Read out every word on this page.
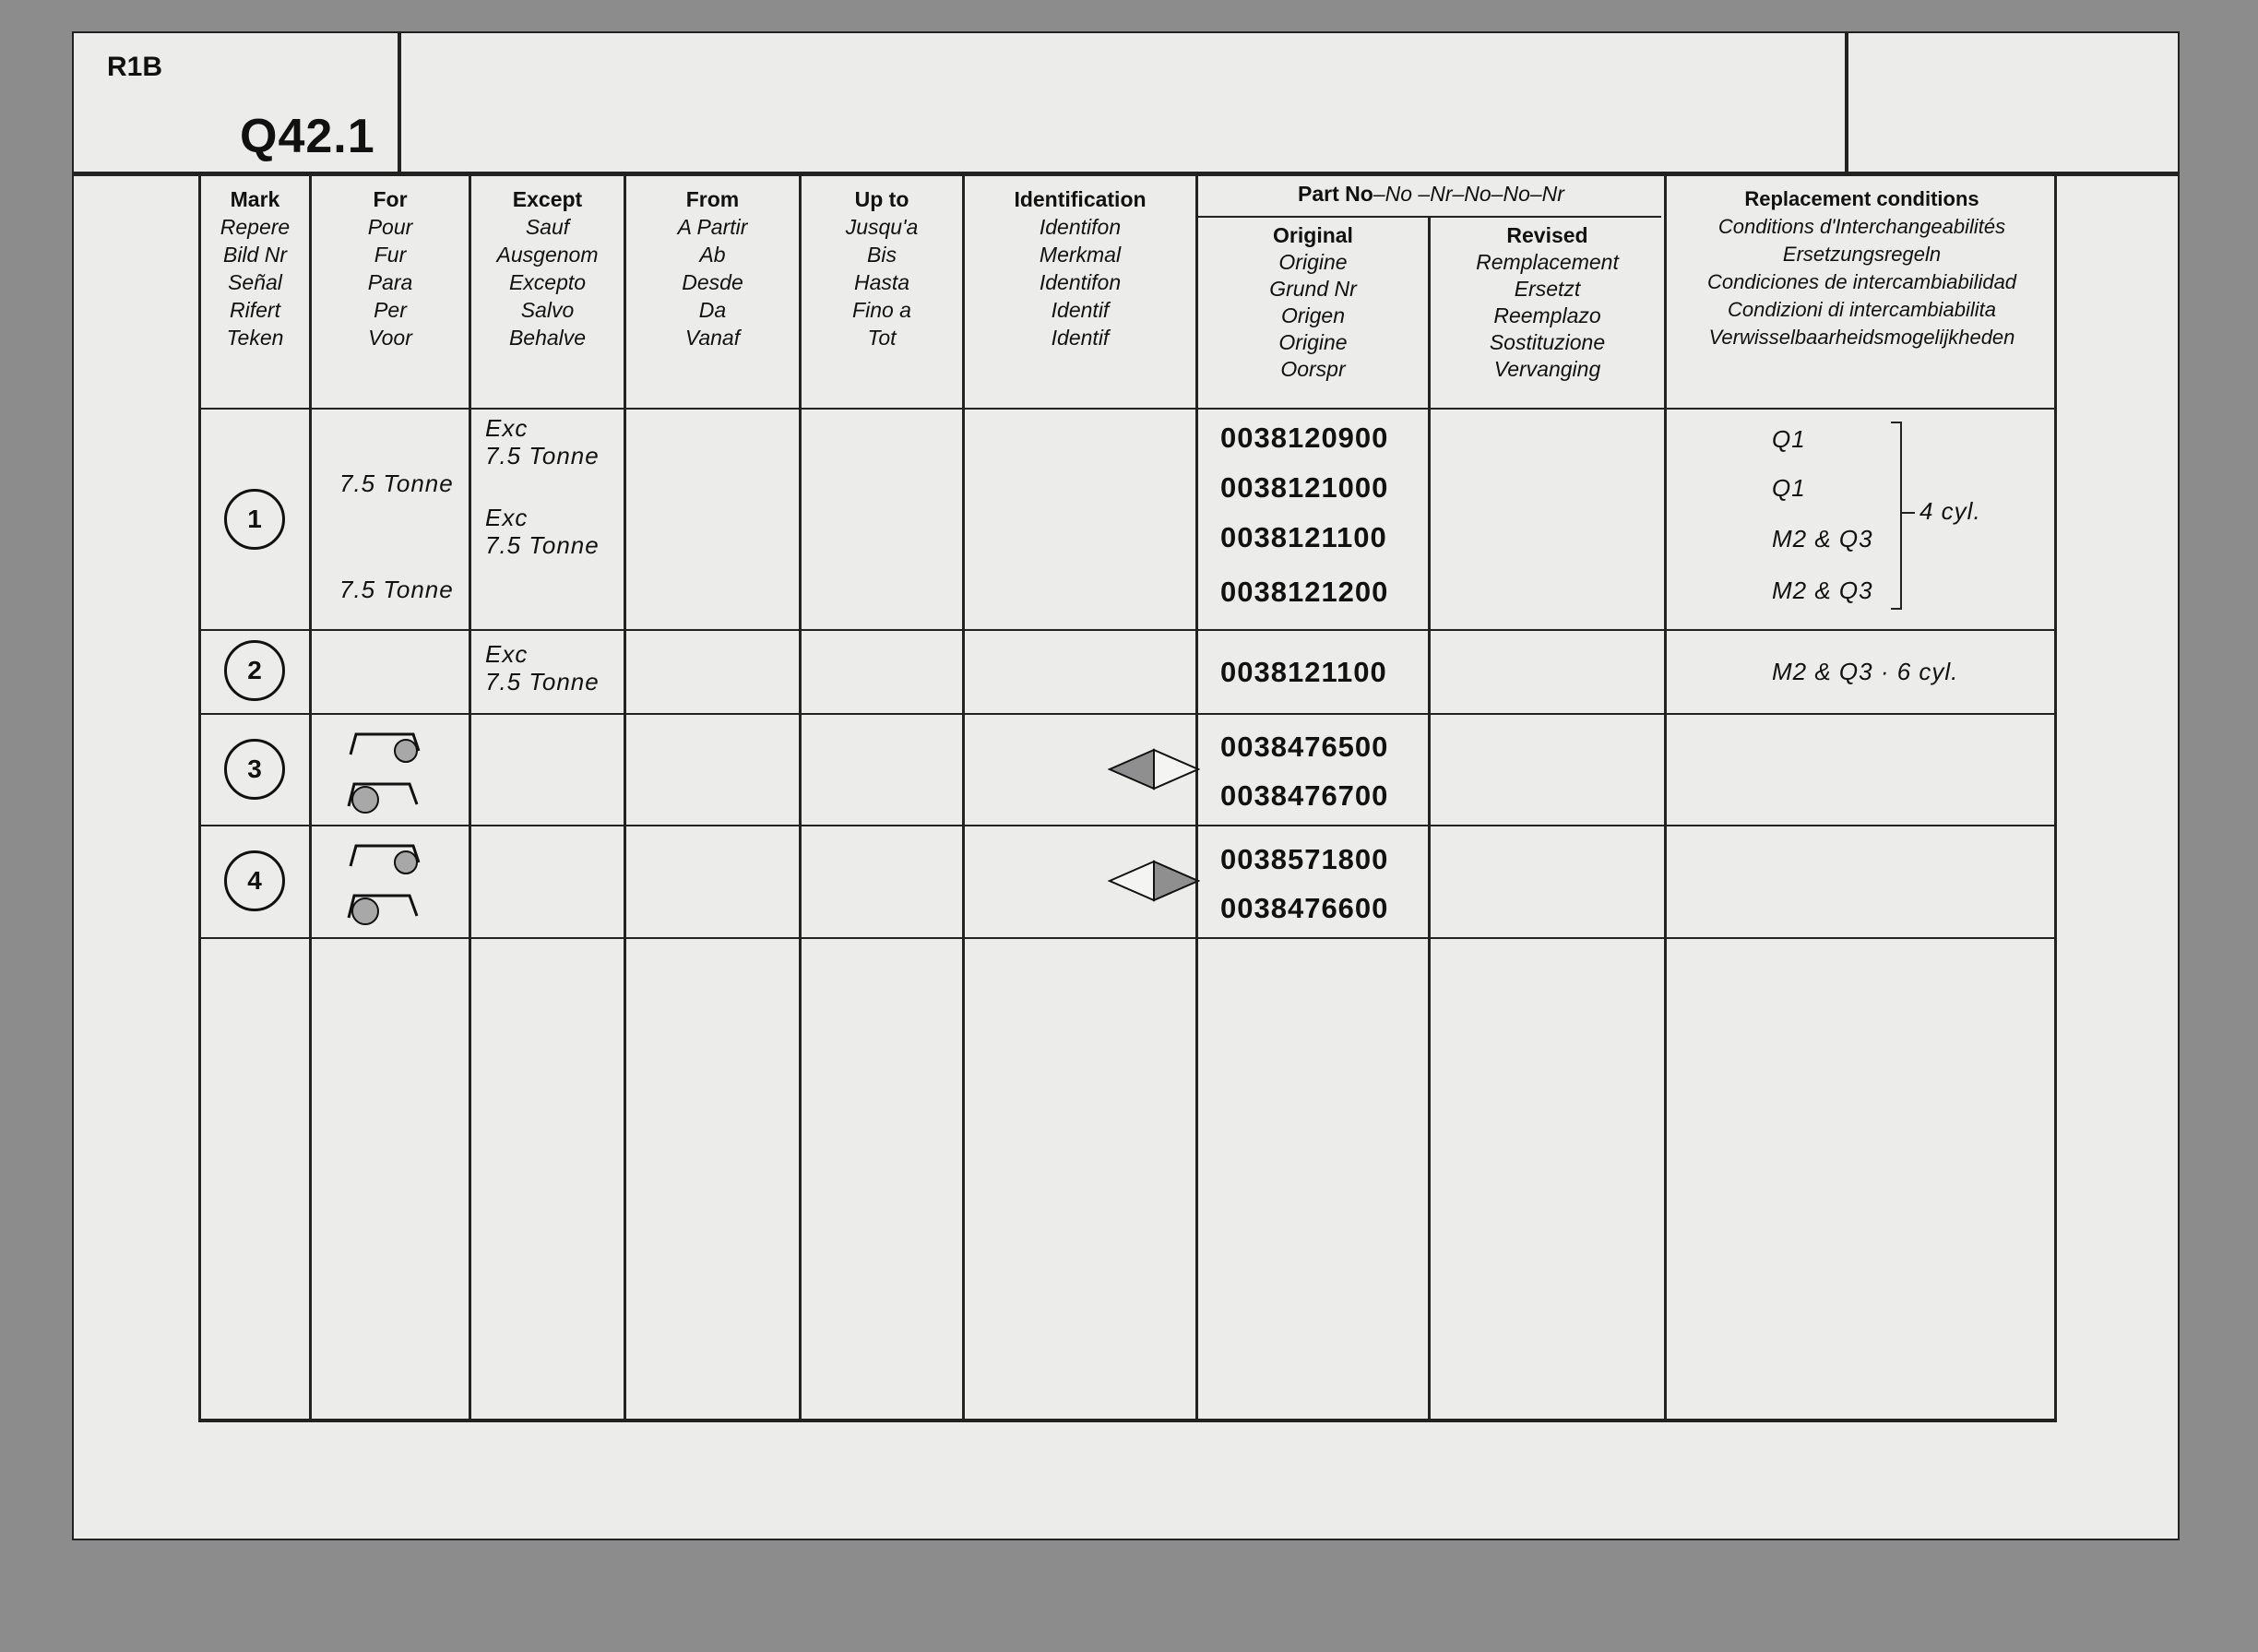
R1B
Q42.1
Mark
Repere
Bild Nr
Señal
Rifert
Teken
For
Pour
Fur
Para
Per
Voor
Except
Sauf
Ausgenom
Excepto
Salvo
Behalve
From
A Partir
Ab
Desde
Da
Vanaf
Up to
Jusqu'a
Bis
Hasta
Fino a
Tot
Identification
Identifon
Merkmal
Identifon
Identif
Identif
Part No–No –Nr–No–No–Nr
Original
Origine
Grund Nr
Origen
Origine
Oorspr
Revised
Remplacement
Ersetzt
Reemplazo
Sostituzione
Vervanging
Replacement conditions
Conditions d'Interchangeabilités
Ersetzungsregeln
Condiciones de intercambiabilidad
Condizioni di intercambiabilita
Verwisselbaarheidsmogelijkheden
1
7.5 Tonne
7.5 Tonne
Exc
7.5 Tonne
Exc
7.5 Tonne
0038120900
0038121000
0038121100
0038121200
Q1
Q1
M2 & Q3
M2 & Q3
4 cyl.
2
Exc
7.5 Tonne	0038121100	M2 & Q3 · 6 cyl.
3
0038476500
0038476700
4
0038571800
0038476600
